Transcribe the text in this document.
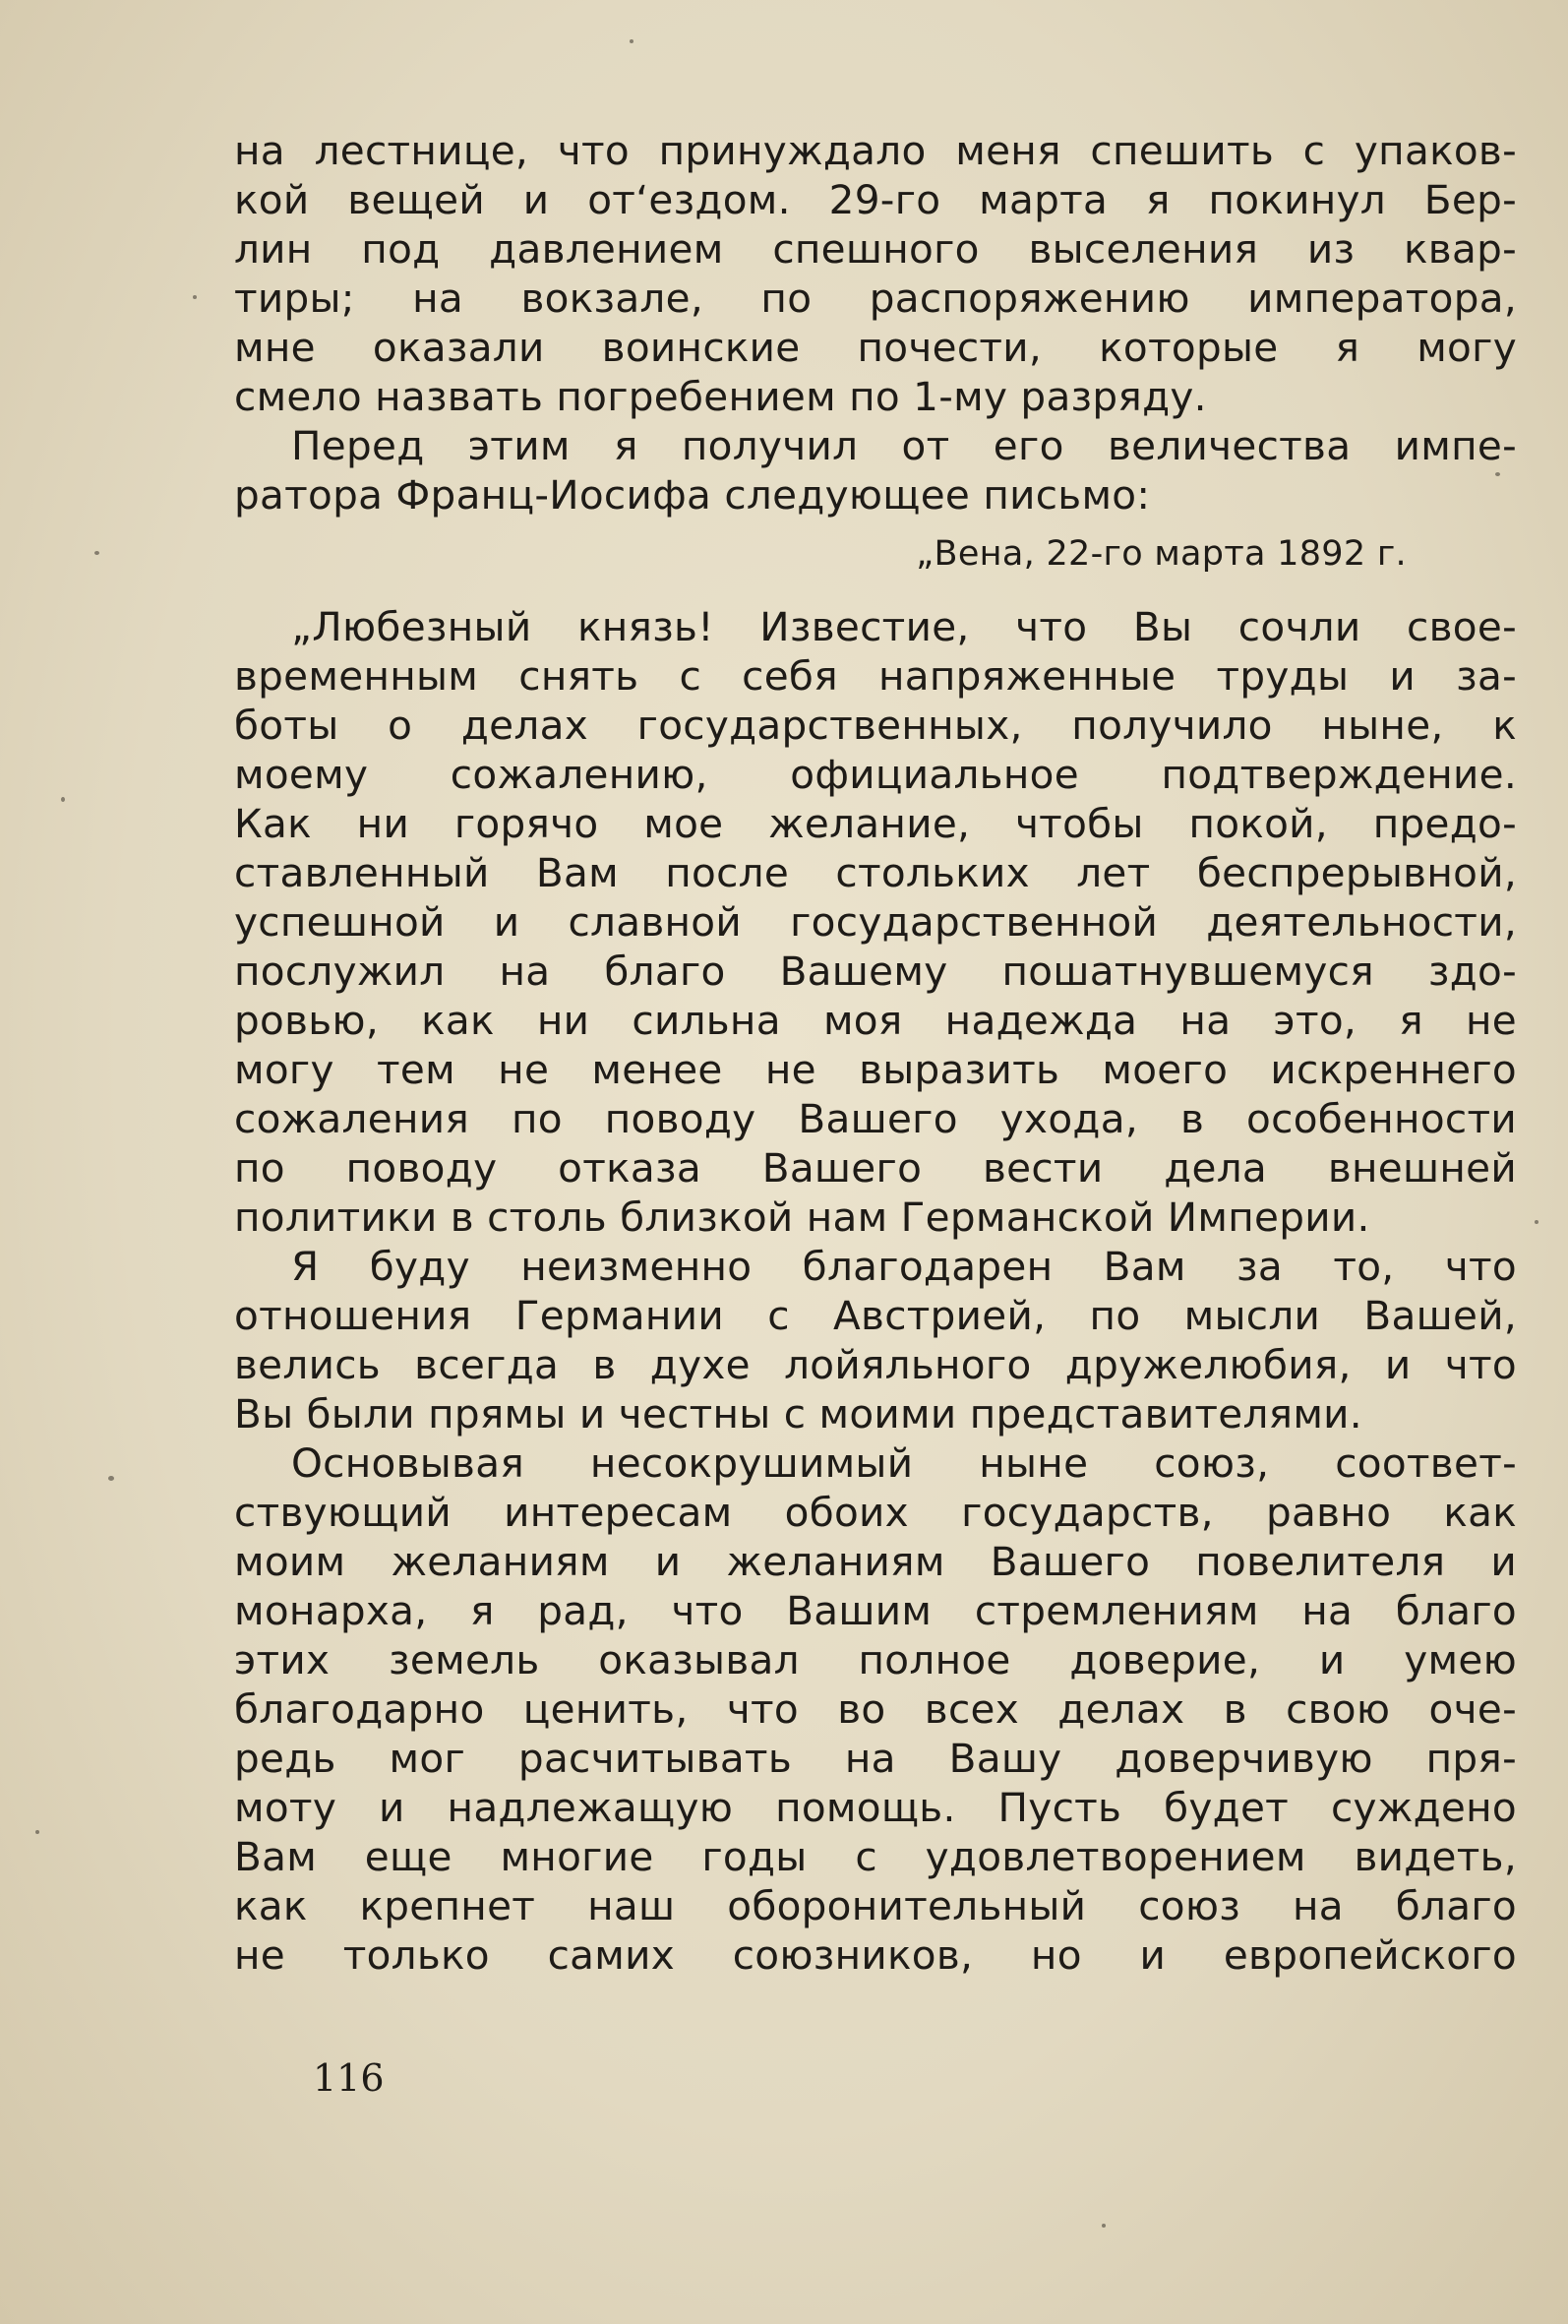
на лестнице, что принуждало меня спешить с упаков-
кой вещей и от‘ездом. 29-го марта я покинул Бер-
лин под давлением спешного выселения из квар-
тиры; на вокзале, по распоряжению императора,
мне оказали воинские почести, которые я могу
смело назвать погребением по 1-му разряду.
Перед этим я получил от его величества импе-
ратора Франц-Иосифа следующее письмо:
„Вена, 22-го марта 1892 г.
„Любезный князь! Известие, что Вы сочли свое-
временным снять с себя напряженные труды и за-
боты о делах государственных, получило ныне, к
моему сожалению, официальное подтверждение.
Как ни горячо мое желание, чтобы покой, предо-
ставленный Вам после стольких лет беспрерывной,
успешной и славной государственной деятельности,
послужил на благо Вашему пошатнувшемуся здо-
ровью, как ни сильна моя надежда на это, я не
могу тем не менее не выразить моего искреннего
сожаления по поводу Вашего ухода, в особенности
по поводу отказа Вашего вести дела внешней
политики в столь близкой нам Германской Империи.
Я буду неизменно благодарен Вам за то, что
отношения Германии с Австрией, по мысли Вашей,
велись всегда в духе лойяльного дружелюбия, и что
Вы были прямы и честны с моими представителями.
Основывая несокрушимый ныне союз, соответ-
ствующий интересам обоих государств, равно как
моим желаниям и желаниям Вашего повелителя и
монарха, я рад, что Вашим стремлениям на благо
этих земель оказывал полное доверие, и умею
благодарно ценить, что во всех делах в свою оче-
редь мог расчитывать на Вашу доверчивую пря-
моту и надлежащую помощь. Пусть будет суждено
Вам еще многие годы с удовлетворением видеть,
как крепнет наш оборонительный союз на благо
не только самих союзников, но и европейского
116
